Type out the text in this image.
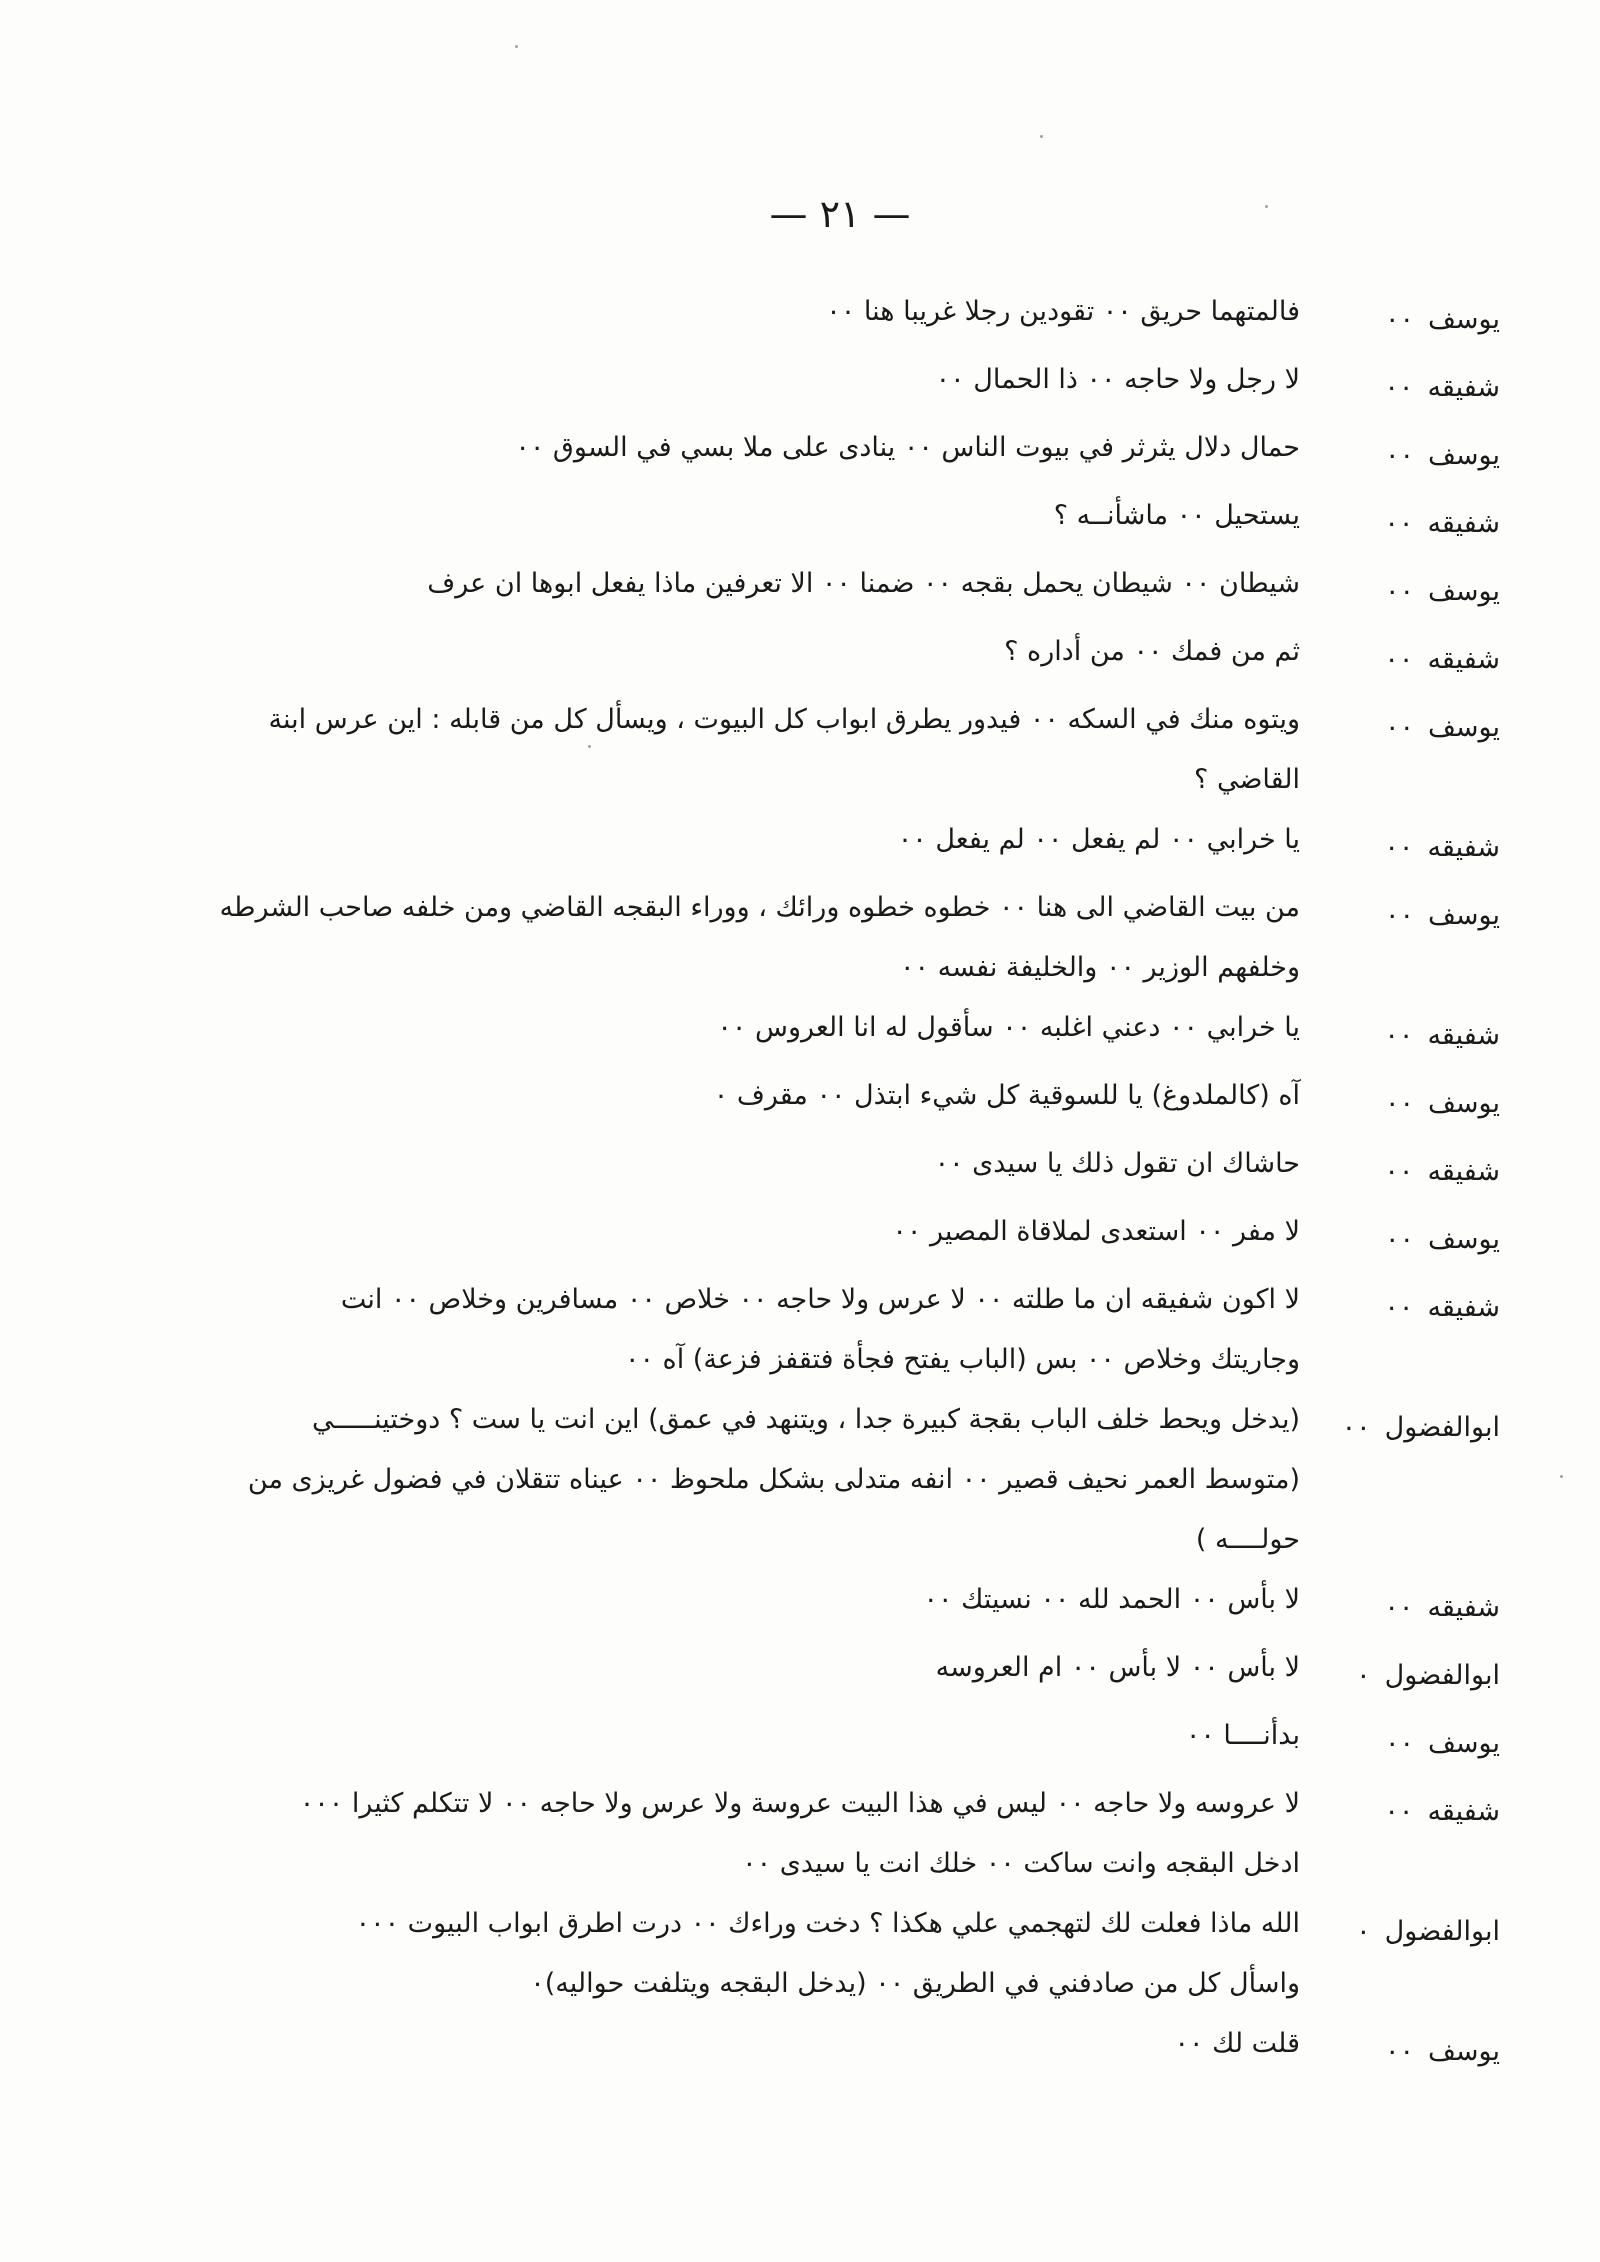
— ٢١ —
يوسف٠٠
فالمتهما حريق ٠٠ تقودين رجلا غريبا هنا ٠٠
شفيقه٠٠
لا رجل ولا حاجه ٠٠ ذا الحمال ٠٠
يوسف٠٠
حمال دلال يثرثر في بيوت الناس ٠٠ ينادى على ملا بسي في السوق ٠٠
شفيقه٠٠
يستحيل ٠٠ ماشأنــه ؟
يوسف٠٠
شيطان ٠٠ شيطان يحمل بقجه ٠٠ ضمنا ٠٠ الا تعرفين ماذا يفعل ابوها ان عرف
شفيقه٠٠
ثم من فمك ٠٠ من أداره ؟
يوسف٠٠
ويتوه منك في السكه ٠٠ فيدور يطرق ابواب كل البيوت ، ويسأل كل من قابله : اين عرس ابنة
القاضي ؟
شفيقه٠٠
يا خرابي ٠٠ لم يفعل ٠٠ لم يفعل ٠٠
يوسف٠٠
من بيت القاضي الى هنا ٠٠ خطوه خطوه ورائك ، ووراء البقجه القاضي ومن خلفه صاحب الشرطه
وخلفهم الوزير ٠٠ والخليفة نفسه ٠٠
شفيقه٠٠
يا خرابي ٠٠ دعني اغلبه ٠٠ سأقول له انا العروس ٠٠
يوسف٠٠
آه (كالملدوغ) يا للسوقية كل شيء ابتذل ٠٠ مقرف ٠
شفيقه٠٠
حاشاك ان تقول ذلك يا سيدى ٠٠
يوسف٠٠
لا مفر ٠٠ استعدى لملاقاة المصير ٠٠
شفيقه٠٠
لا اكون شفيقه ان ما طلته ٠٠ لا عرس ولا حاجه ٠٠ خلاص ٠٠ مسافرين وخلاص ٠٠ انت
وجاريتك وخلاص ٠٠ بس (الباب يفتح فجأة فتقفز فزعة) آه ٠٠
ابوالفضول٠٠
(يدخل ويحط خلف الباب بقجة كبيرة جدا ، ويتنهد في عمق) اين انت يا ست ؟ دوختينـــــي
(متوسط العمر نحيف قصير ٠٠ انفه متدلى بشكل ملحوظ ٠٠ عيناه تتقلان في فضول غريزى من
حولــــه )
شفيقه٠٠
لا بأس ٠٠ الحمد لله ٠٠ نسيتك ٠٠
ابوالفضول٠
لا بأس ٠٠ لا بأس ٠٠ ام العروسه
يوسف٠٠
بدأنــــا ٠٠
شفيقه٠٠
لا عروسه ولا حاجه ٠٠ ليس في هذا البيت عروسة ولا عرس ولا حاجه ٠٠ لا تتكلم كثيرا ٠٠٠
ادخل البقجه وانت ساكت ٠٠ خلك انت يا سيدى ٠٠
ابوالفضول٠
الله ماذا فعلت لك لتهجمي علي هكذا ؟ دخت وراءك ٠٠ درت اطرق ابواب البيوت ٠٠٠
واسأل كل من صادفني في الطريق ٠٠ (يدخل البقجه ويتلفت حواليه)٠
يوسف٠٠
قلت لك ٠٠
